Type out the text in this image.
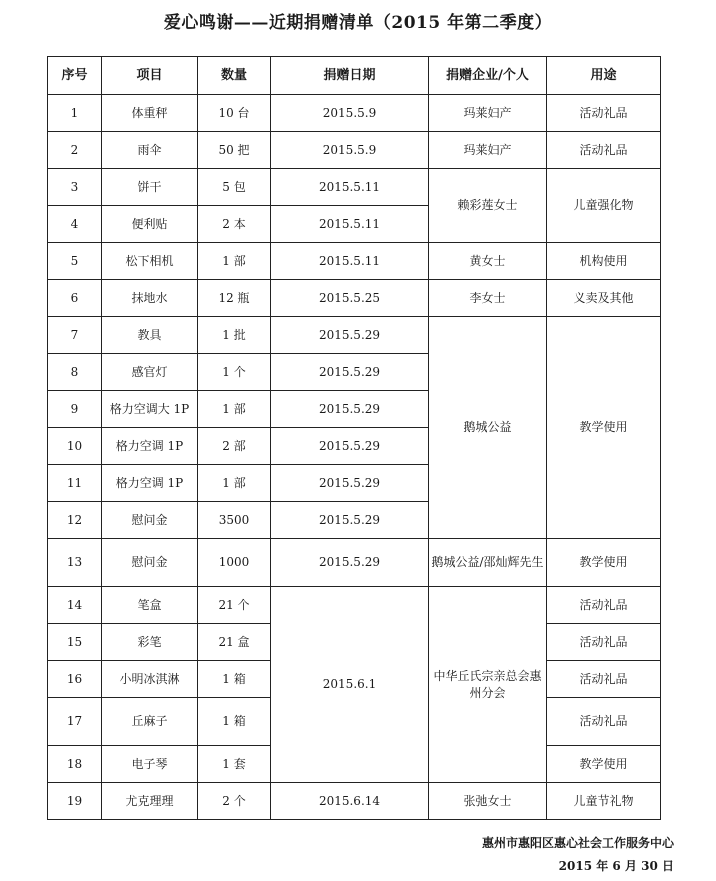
爱心鸣谢——近期捐赠清单（2015 年第二季度）
序号	项目	数量	捐赠日期	捐赠企业/个人	用途
1	体重秤	10 台	2015.5.9	玛莱妇产	活动礼品
2	雨伞	50 把	2015.5.9	玛莱妇产	活动礼品
3	饼干	5 包	2015.5.11	赖彩莲女士	儿童强化物
4	便利贴	2 本	2015.5.11		
5	松下相机	1 部	2015.5.11	黄女士	机构使用
6	抹地水	12 瓶	2015.5.25	李女士	义卖及其他
7	教具	1 批	2015.5.29	鹅城公益	教学使用
8	感官灯	1 个	2015.5.29		
9	格力空调大 1P	1 部	2015.5.29		
10	格力空调 1P	2 部	2015.5.29		
11	格力空调 1P	1 部	2015.5.29		
12	慰问金	3500	2015.5.29		
13	慰问金	1000	2015.5.29	鹅城公益/邵灿辉先生	教学使用
14	笔盒	21 个	2015.6.1	中华丘氏宗亲总会惠州分会	活动礼品
15	彩笔	21 盒			活动礼品
16	小明冰淇淋	1 箱			活动礼品
17	丘麻子	1 箱			活动礼品
18	电子琴	1 套			教学使用
19	尤克理理	2 个	2015.6.14	张弛女士	儿童节礼物
惠州市惠阳区惠心社会工作服务中心
2015 年 6 月 30 日
